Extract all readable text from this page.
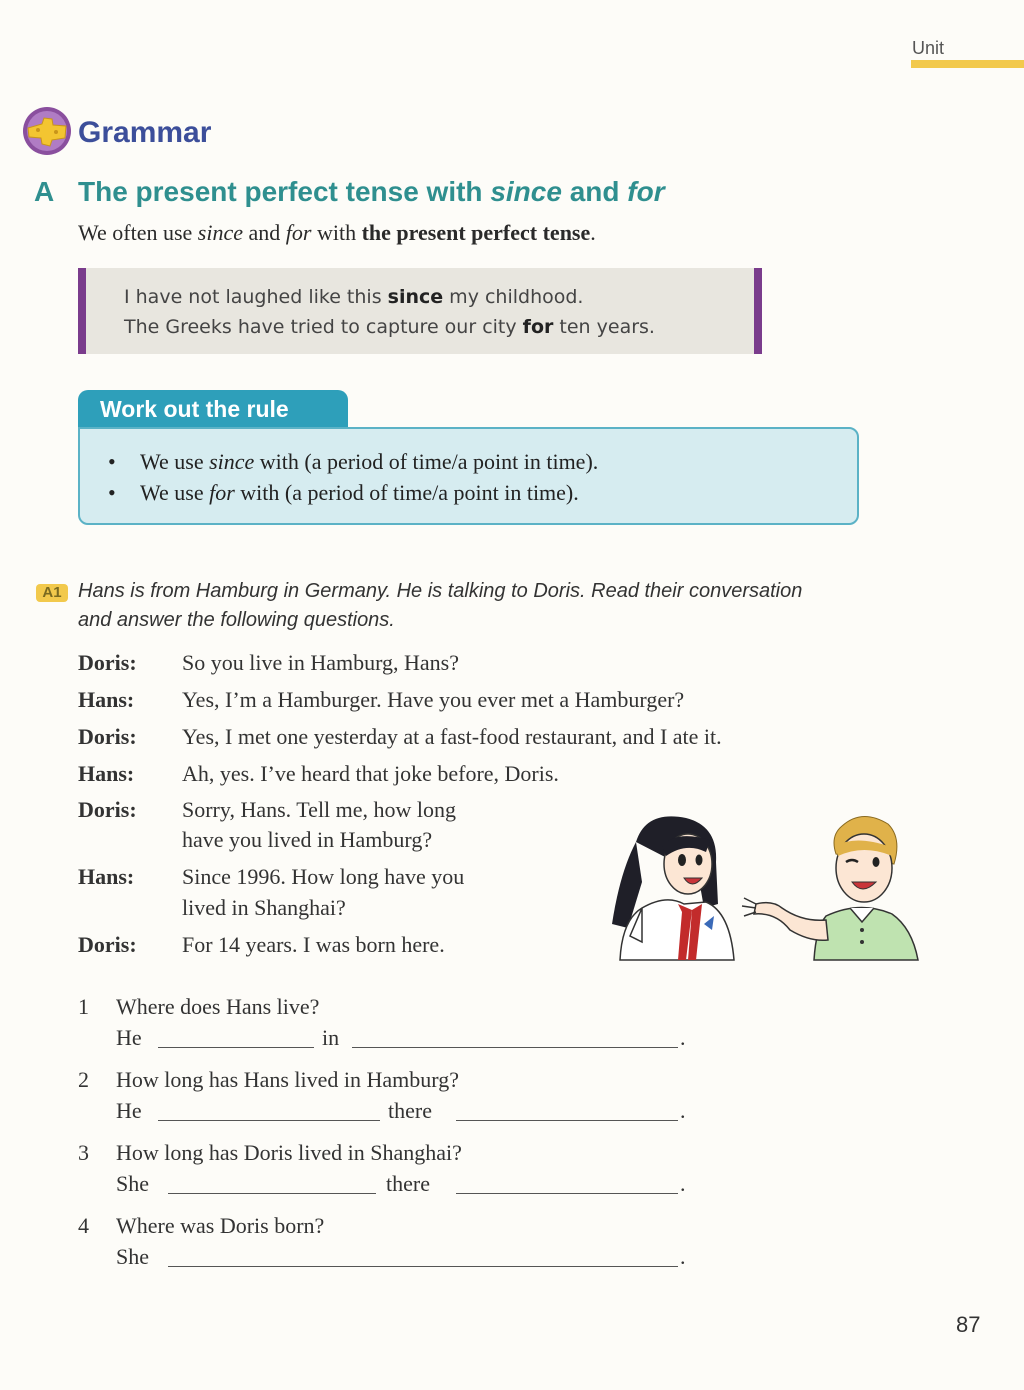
Unit
Grammar
A The present perfect tense with since and for
We often use since and for with the present perfect tense.
I have not laughed like this since my childhood.
The Greeks have tried to capture our city for ten years.
Work out the rule
• We use since with (a period of time/a point in time).
• We use for with (a period of time/a point in time).
A1 Hans is from Hamburg in Germany. He is talking to Doris. Read their conversation
and answer the following questions.
Doris: So you live in Hamburg, Hans?
Hans: Yes, I’m a Hamburger. Have you ever met a Hamburger?
Doris: Yes, I met one yesterday at a fast-food restaurant, and I ate it.
Hans: Ah, yes. I’ve heard that joke before, Doris.
Doris: Sorry, Hans. Tell me, how long
have you lived in Hamburg?
Hans: Since 1996. How long have you
lived in Shanghai?
Doris: For 14 years. I was born here.
1 Where does Hans live?
He	in	.
2 How long has Hans lived in Hamburg?
He	there	.
3 How long has Doris lived in Shanghai?
She	there	.
4 Where was Doris born?
She	.
87
